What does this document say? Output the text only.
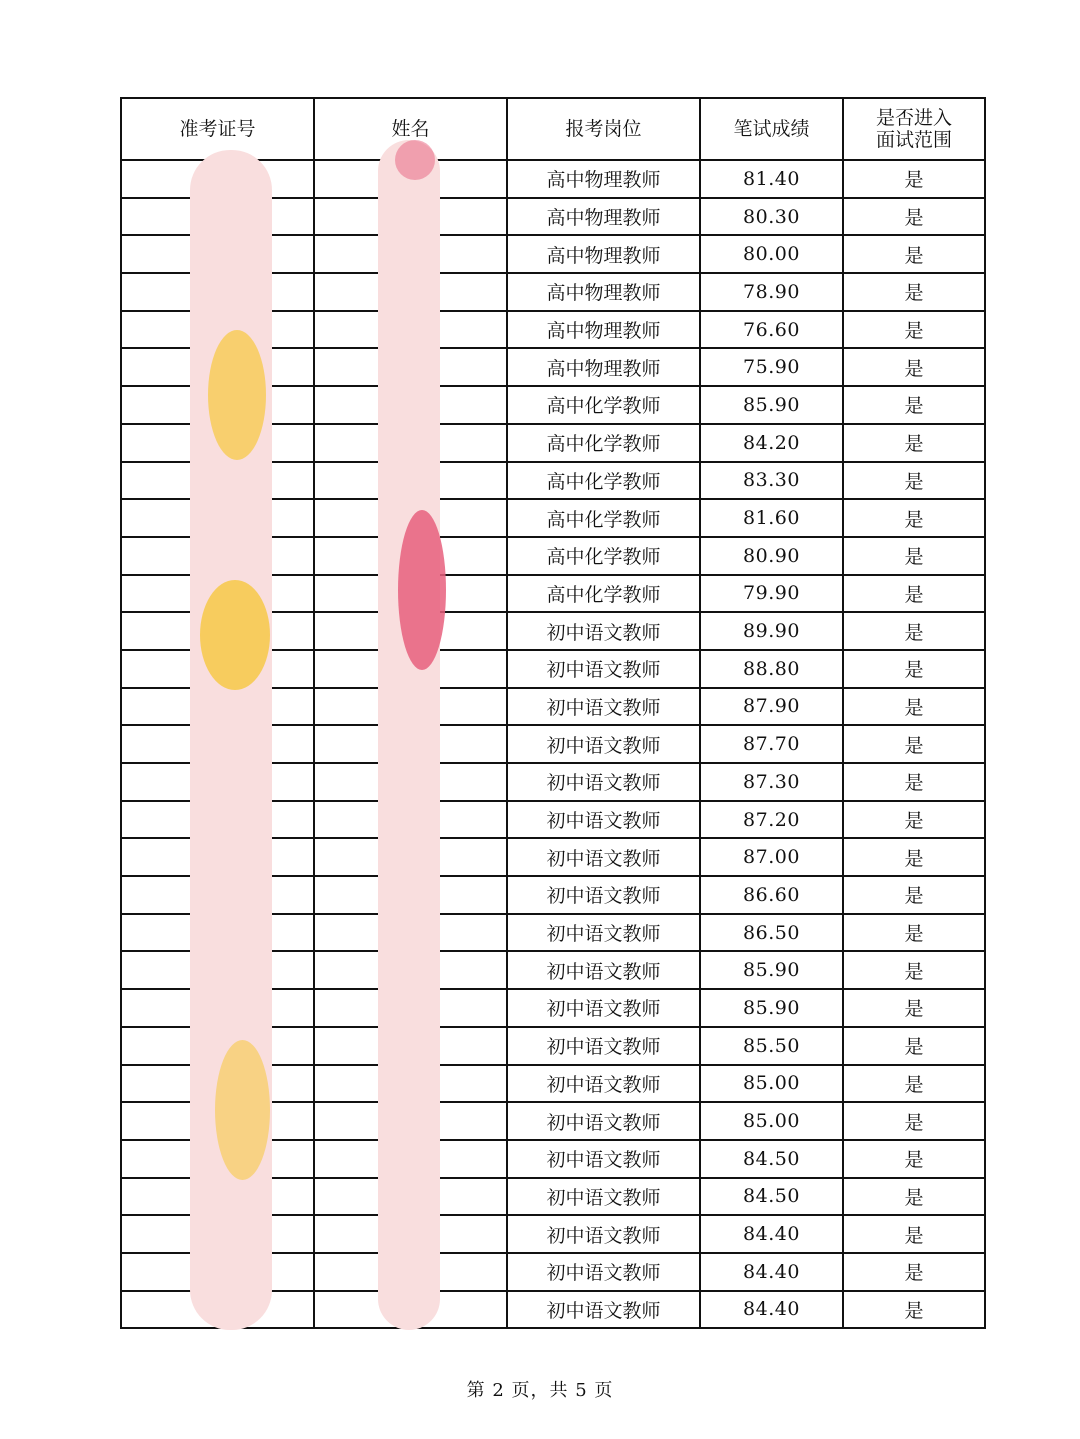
准考证号	姓名	报考岗位	笔试成绩	是否进入
面试范围
		高中物理教师	81.40	是
		高中物理教师	80.30	是
		高中物理教师	80.00	是
		高中物理教师	78.90	是
		高中物理教师	76.60	是
		高中物理教师	75.90	是
		高中化学教师	85.90	是
		高中化学教师	84.20	是
		高中化学教师	83.30	是
		高中化学教师	81.60	是
		高中化学教师	80.90	是
		高中化学教师	79.90	是
		初中语文教师	89.90	是
		初中语文教师	88.80	是
		初中语文教师	87.90	是
		初中语文教师	87.70	是
		初中语文教师	87.30	是
		初中语文教师	87.20	是
		初中语文教师	87.00	是
		初中语文教师	86.60	是
		初中语文教师	86.50	是
		初中语文教师	85.90	是
		初中语文教师	85.90	是
		初中语文教师	85.50	是
		初中语文教师	85.00	是
		初中语文教师	85.00	是
		初中语文教师	84.50	是
		初中语文教师	84.50	是
		初中语文教师	84.40	是
		初中语文教师	84.40	是
		初中语文教师	84.40	是
第 2 页，共 5 页
